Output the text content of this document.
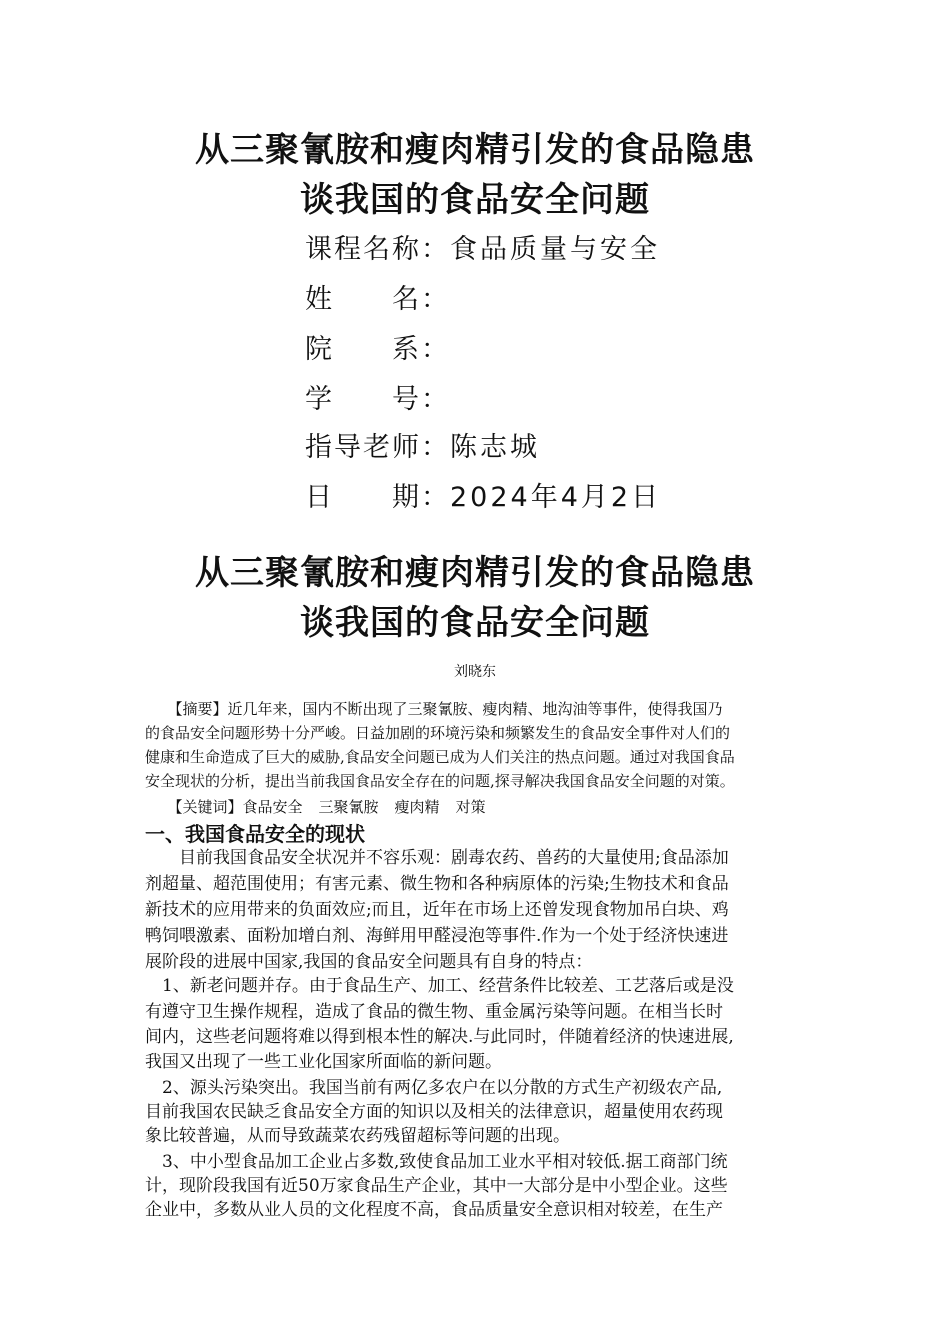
从三聚氰胺和瘦肉精引发的食品隐患
谈我国的食品安全问题
课程名称：食品质量与安全
姓　　名：
院　　系：
学　　号：
指导老师：陈志城
日　　期：2024年4月2日
从三聚氰胺和瘦肉精引发的食品隐患
谈我国的食品安全问题
刘晓东
　　【摘要】近几年来，国内不断出现了三聚氰胺、瘦肉精、地沟油等事件，使得我国乃
的食品安全问题形势十分严峻。日益加剧的环境污染和频繁发生的食品安全事件对人们的
健康和生命造成了巨大的威胁,食品安全问题已成为人们关注的热点问题。通过对我国食品
安全现状的分析，提出当前我国食品安全存在的问题,探寻解决我国食品安全问题的对策。
　　【关键词】食品安全 三聚氰胺 瘦肉精 对策
一、我国食品安全的现状
　　目前我国食品安全状况并不容乐观：剧毒农药、兽药的大量使用;食品添加
剂超量、超范围使用；有害元素、微生物和各种病原体的污染;生物技术和食品
新技术的应用带来的负面效应;而且，近年在市场上还曾发现食物加吊白块、鸡
鸭饲喂激素、面粉加增白剂、海鲜用甲醛浸泡等事件.作为一个处于经济快速进
展阶段的进展中国家,我国的食品安全问题具有自身的特点：
　1、新老问题并存。由于食品生产、加工、经营条件比较差、工艺落后或是没
有遵守卫生操作规程，造成了食品的微生物、重金属污染等问题。在相当长时
间内，这些老问题将难以得到根本性的解决.与此同时，伴随着经济的快速进展,
我国又出现了一些工业化国家所面临的新问题。
　2、源头污染突出。我国当前有两亿多农户在以分散的方式生产初级农产品,
目前我国农民缺乏食品安全方面的知识以及相关的法律意识，超量使用农药现
象比较普遍，从而导致蔬菜农药残留超标等问题的出现。
　3、中小型食品加工企业占多数,致使食品加工业水平相对较低.据工商部门统
计，现阶段我国有近50万家食品生产企业，其中一大部分是中小型企业。这些
企业中，多数从业人员的文化程度不高，食品质量安全意识相对较差，在生产
